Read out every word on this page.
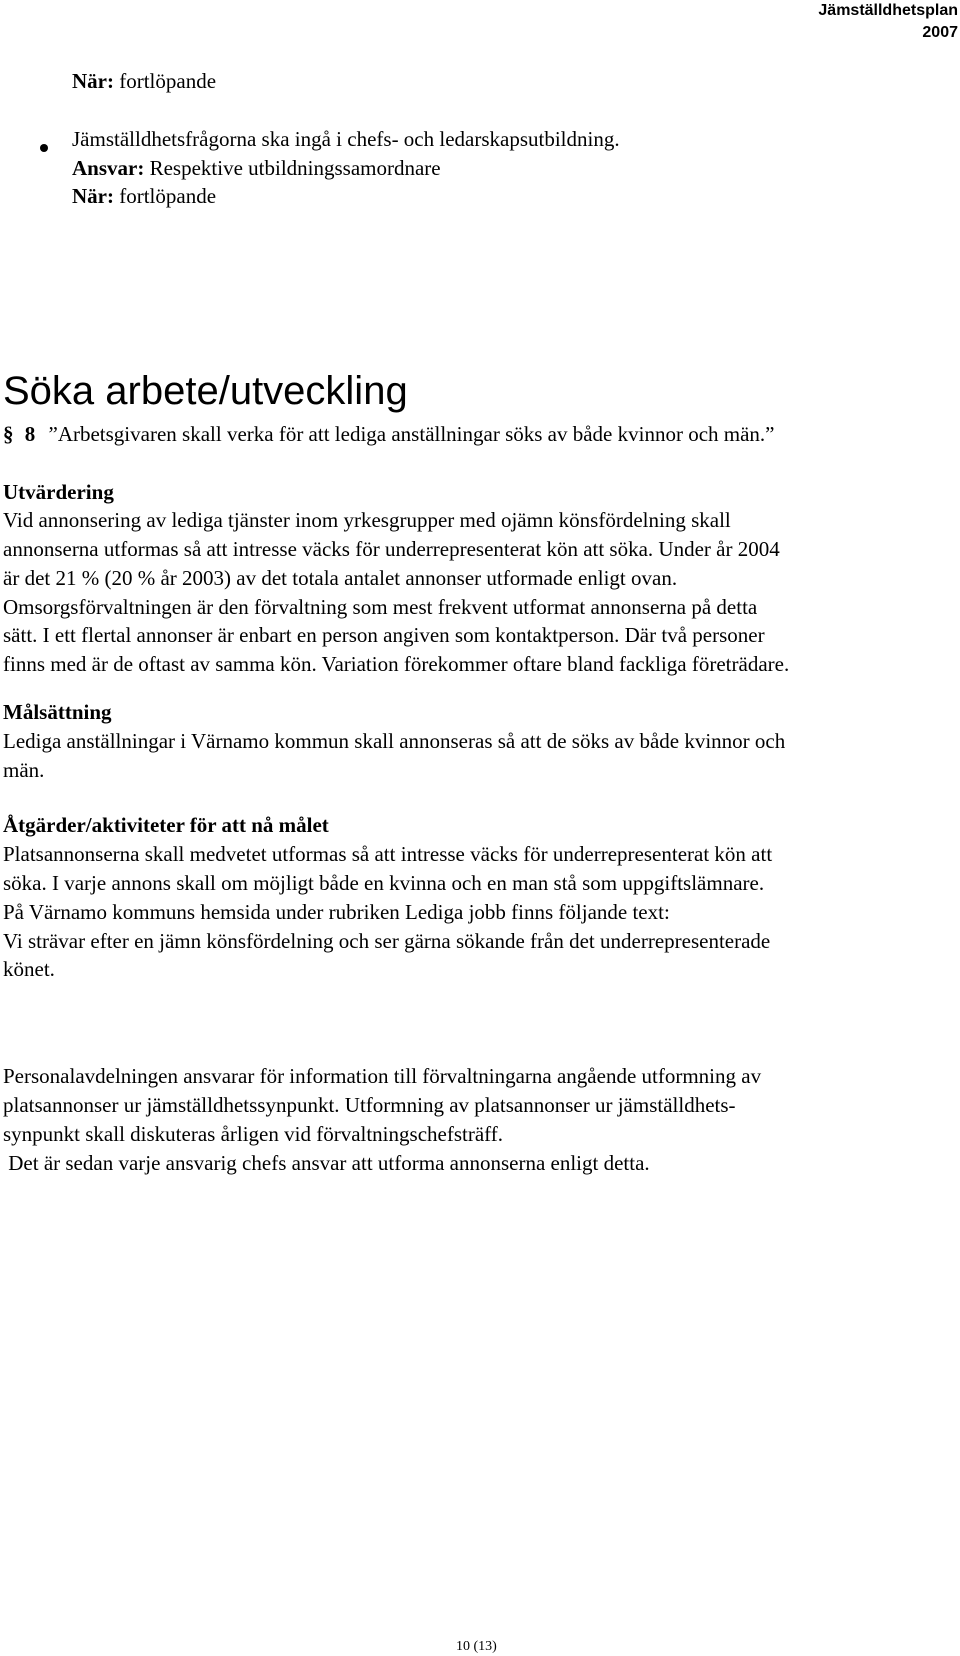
Jämställdhetsplan
2007
När: fortlöpande
Jämställdhetsfrågorna ska ingå i chefs- och ledarskapsutbildning.
Ansvar: Respektive utbildningssamordnare
När: fortlöpande
Söka arbete/utveckling
§ 8 ”Arbetsgivaren skall verka för att lediga anställningar söks av både kvinnor och män.”
Utvärdering
Vid annonsering av lediga tjänster inom yrkesgrupper med ojämn könsfördelning skall
annonserna utformas så att intresse väcks för underrepresenterat kön att söka. Under år 2004
är det 21 % (20 % år 2003) av det totala antalet annonser utformade enligt ovan.
Omsorgsförvaltningen är den förvaltning som mest frekvent utformat annonserna på detta
sätt. I ett flertal annonser är enbart en person angiven som kontaktperson. Där två personer
finns med är de oftast av samma kön. Variation förekommer oftare bland fackliga företrädare.
Målsättning
Lediga anställningar i Värnamo kommun skall annonseras så att de söks av både kvinnor och
män.
Åtgärder/aktiviteter för att nå målet
Platsannonserna skall medvetet utformas så att intresse väcks för underrepresenterat kön att
söka. I varje annons skall om möjligt både en kvinna och en man stå som uppgiftslämnare.
På Värnamo kommuns hemsida under rubriken Lediga jobb finns följande text:
Vi strävar efter en jämn könsfördelning och ser gärna sökande från det underrepresenterade
könet.
Personalavdelningen ansvarar för information till förvaltningarna angående utformning av
platsannonser ur jämställdhetssynpunkt. Utformning av platsannonser ur jämställdhets-
synpunkt skall diskuteras årligen vid förvaltningschefsträff.
Det är sedan varje ansvarig chefs ansvar att utforma annonserna enligt detta.
10 (13)
